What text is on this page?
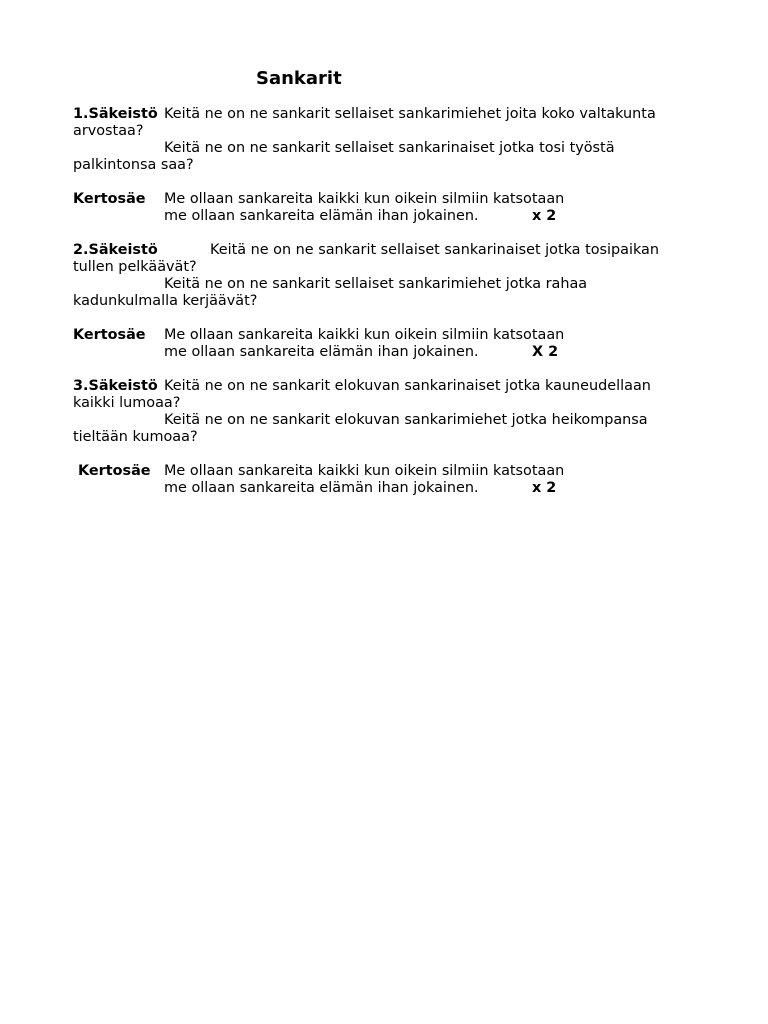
Sankarit
1.Säkeistö Keitä ne on ne sankarit sellaiset sankarimiehet joita koko valtakunta
arvostaa?
Keitä ne on ne sankarit sellaiset sankarinaiset jotka tosi työstä
palkintonsa saa?
Kertosäe Me ollaan sankareita kaikki kun oikein silmiin katsotaan
me ollaan sankareita elämän ihan jokainen.	x 2
2.Säkeistö	Keitä ne on ne sankarit sellaiset sankarinaiset jotka tosipaikan
tullen pelkäävät?
Keitä ne on ne sankarit sellaiset sankarimiehet jotka rahaa
kadunkulmalla kerjäävät?
Kertosäe Me ollaan sankareita kaikki kun oikein silmiin katsotaan
me ollaan sankareita elämän ihan jokainen.	X 2
3.Säkeistö Keitä ne on ne sankarit elokuvan sankarinaiset jotka kauneudellaan
kaikki lumoaa?
Keitä ne on ne sankarit elokuvan sankarimiehet jotka heikompansa
tieltään kumoaa?
Kertosäe Me ollaan sankareita kaikki kun oikein silmiin katsotaan
me ollaan sankareita elämän ihan jokainen.	x 2
